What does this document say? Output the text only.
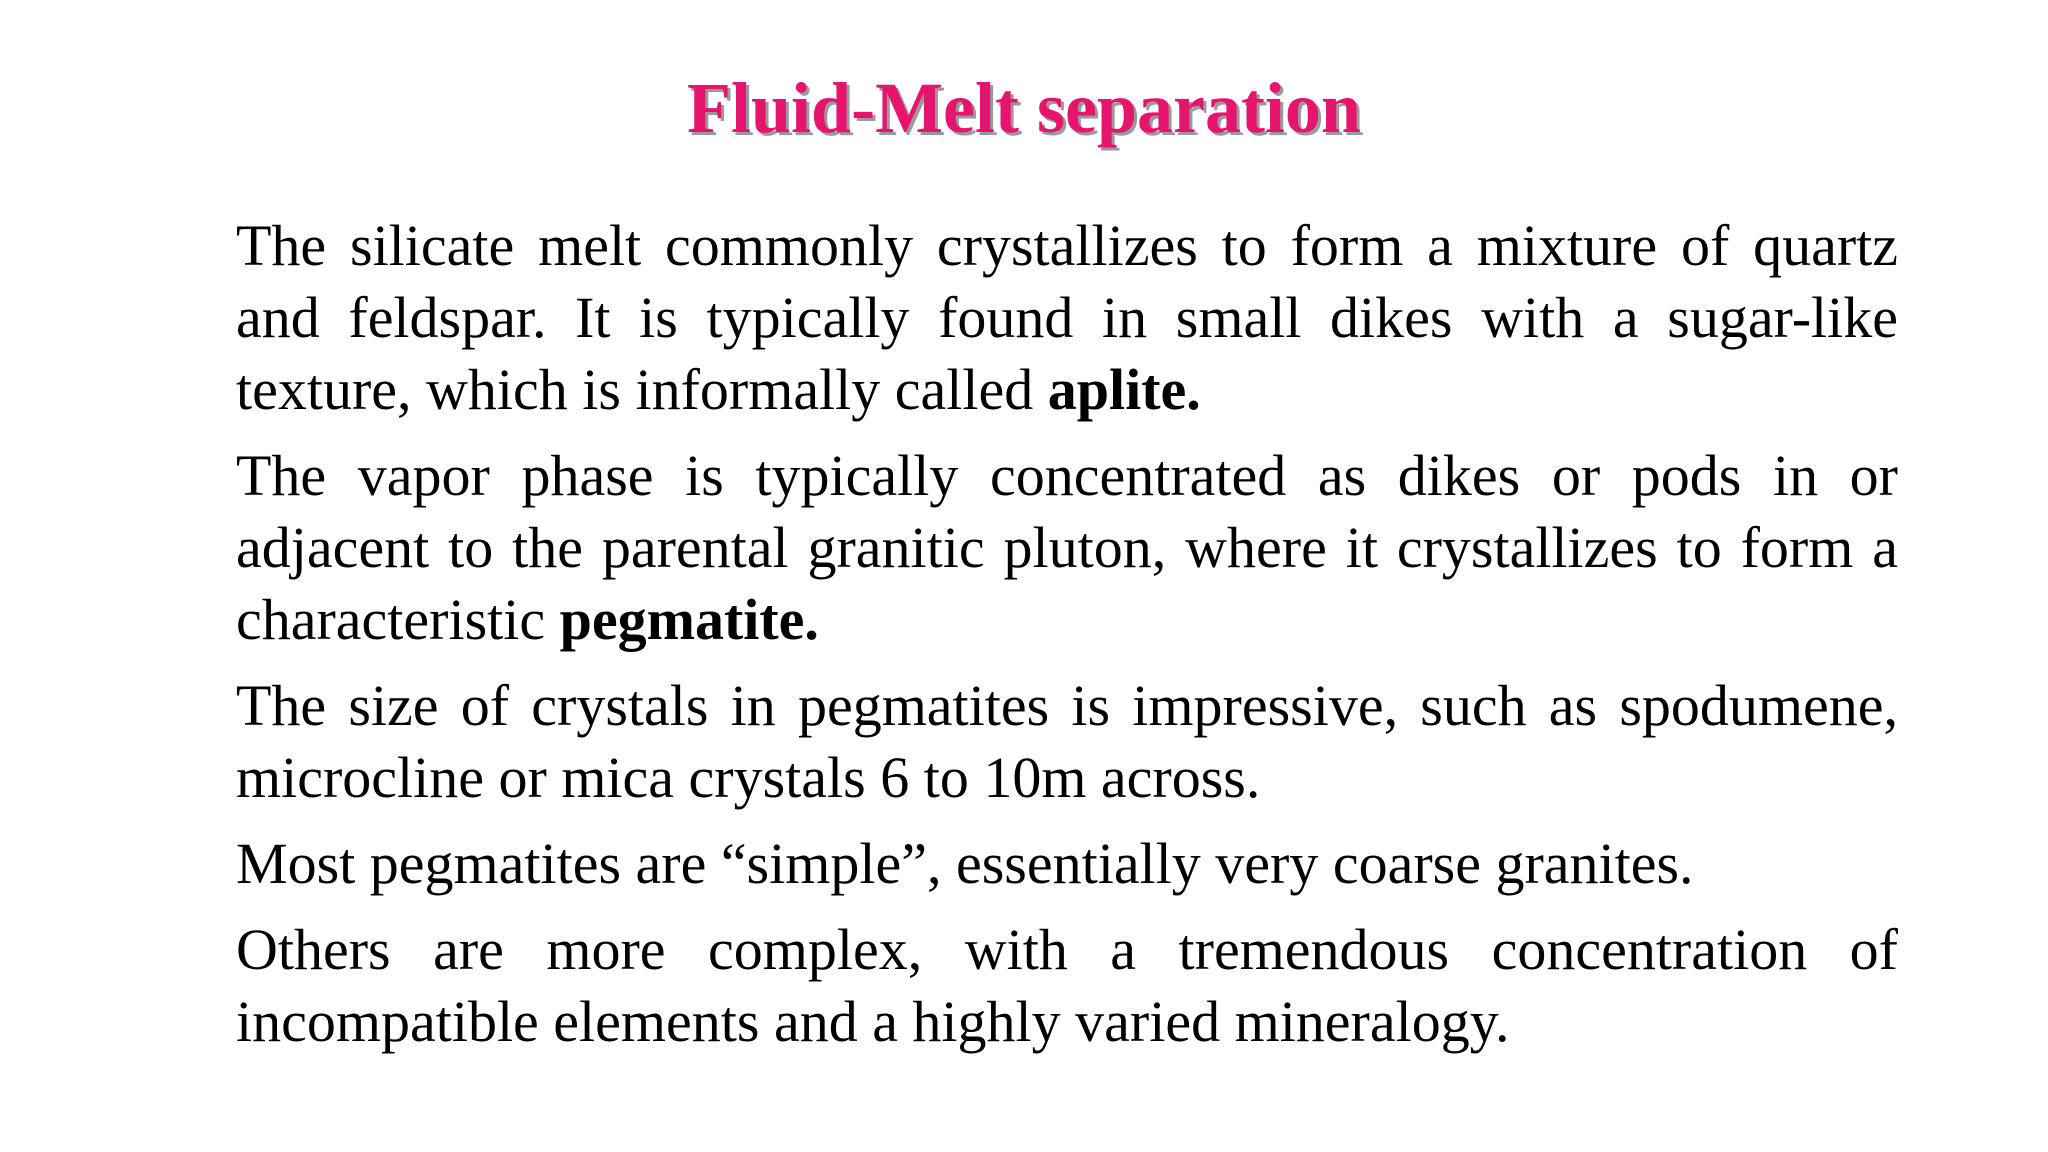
Fluid-Melt separation

The silicate melt commonly crystallizes to form a mixture of quartz and feldspar. It is typically found in small dikes with a sugar-like texture, which is informally called aplite.

The vapor phase is typically concentrated as dikes or pods in or adjacent to the parental granitic pluton, where it crystallizes to form a characteristic pegmatite.

The size of crystals in pegmatites is impressive, such as spodumene, microcline or mica crystals 6 to 10m across.

Most pegmatites are “simple”, essentially very coarse granites.

Others are more complex, with a tremendous concentration of incompatible elements and a highly varied mineralogy.
